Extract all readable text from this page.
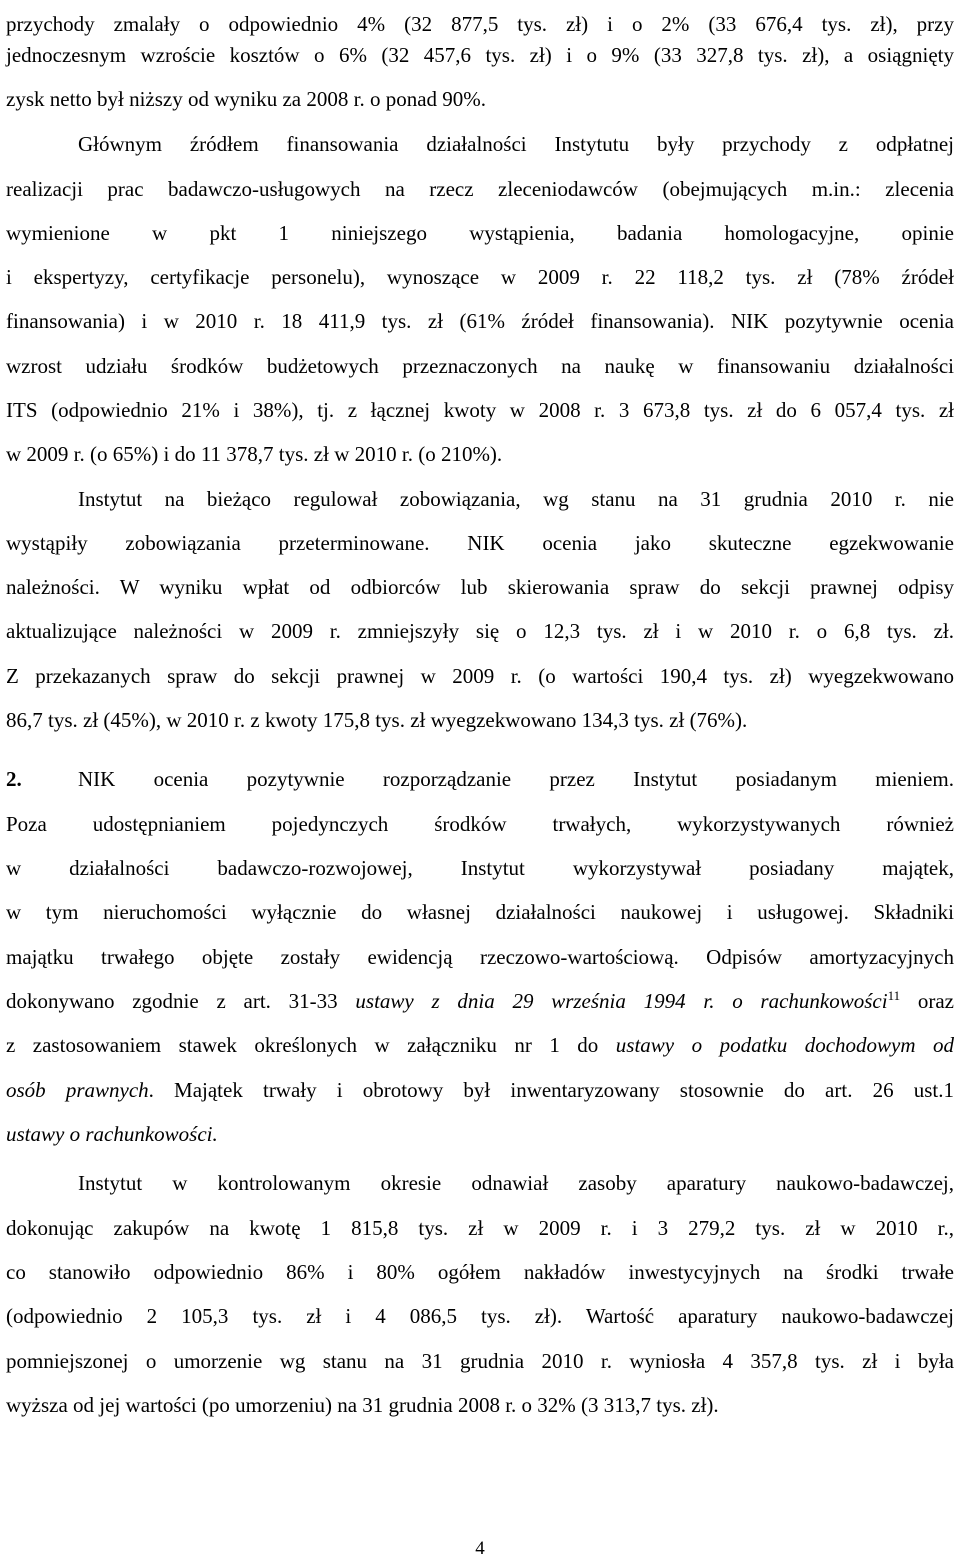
przychody zmalały o odpowiednio 4% (32 877,5 tys. zł) i o 2% (33 676,4 tys. zł), przy
jednoczesnym wzroście kosztów o 6% (32 457,6 tys. zł) i o 9% (33 327,8 tys. zł), a osiągnięty
zysk netto był niższy od wyniku za 2008 r. o ponad 90%.
Głównym źródłem finansowania działalności Instytutu były przychody z odpłatnej
realizacji prac badawczo-usługowych na rzecz zleceniodawców (obejmujących m.in.: zlecenia
wymienione w pkt 1 niniejszego wystąpienia, badania homologacyjne, opinie
i ekspertyzy, certyfikacje personelu), wynoszące w 2009 r. 22 118,2 tys. zł (78% źródeł
finansowania) i w 2010 r. 18 411,9 tys. zł (61% źródeł finansowania). NIK pozytywnie ocenia
wzrost udziału środków budżetowych przeznaczonych na naukę w finansowaniu działalności
ITS (odpowiednio 21% i 38%), tj. z łącznej kwoty w 2008 r. 3 673,8 tys. zł do 6 057,4 tys. zł
w 2009 r. (o 65%) i do 11 378,7 tys. zł w 2010 r. (o 210%).
Instytut na bieżąco regulował zobowiązania, wg stanu na 31 grudnia 2010 r. nie
wystąpiły zobowiązania przeterminowane. NIK ocenia jako skuteczne egzekwowanie
należności. W wyniku wpłat od odbiorców lub skierowania spraw do sekcji prawnej odpisy
aktualizujące należności w 2009 r. zmniejszyły się o 12,3 tys. zł i w 2010 r. o 6,8 tys. zł.
Z przekazanych spraw do sekcji prawnej w 2009 r. (o wartości 190,4 tys. zł) wyegzekwowano
86,7 tys. zł (45%), w 2010 r. z kwoty 175,8 tys. zł wyegzekwowano 134,3 tys. zł (76%).
2.	NIK ocenia pozytywnie rozporządzanie przez Instytut posiadanym mieniem.
Poza udostępnianiem pojedynczych środków trwałych, wykorzystywanych również
w działalności badawczo-rozwojowej, Instytut wykorzystywał posiadany majątek,
w tym nieruchomości wyłącznie do własnej działalności naukowej i usługowej. Składniki
majątku trwałego objęte zostały ewidencją rzeczowo-wartościową. Odpisów amortyzacyjnych
dokonywano zgodnie z art. 31-33 ustawy z dnia 29 września 1994 r. o rachunkowości$^{11}$ oraz
z zastosowaniem stawek określonych w załączniku nr 1 do ustawy o podatku dochodowym od
osób prawnych. Majątek trwały i obrotowy był inwentaryzowany stosownie do art. 26 ust.1
ustawy o rachunkowości.
Instytut w kontrolowanym okresie odnawiał zasoby aparatury naukowo-badawczej,
dokonując zakupów na kwotę 1 815,8 tys. zł w 2009 r. i 3 279,2 tys. zł w 2010 r.,
co stanowiło odpowiednio 86% i 80% ogółem nakładów inwestycyjnych na środki trwałe
(odpowiednio 2 105,3 tys. zł i 4 086,5 tys. zł). Wartość aparatury naukowo-badawczej
pomniejszonej o umorzenie wg stanu na 31 grudnia 2010 r. wyniosła 4 357,8 tys. zł i była
wyższa od jej wartości (po umorzeniu) na 31 grudnia 2008 r. o 32% (3 313,7 tys. zł).
4
